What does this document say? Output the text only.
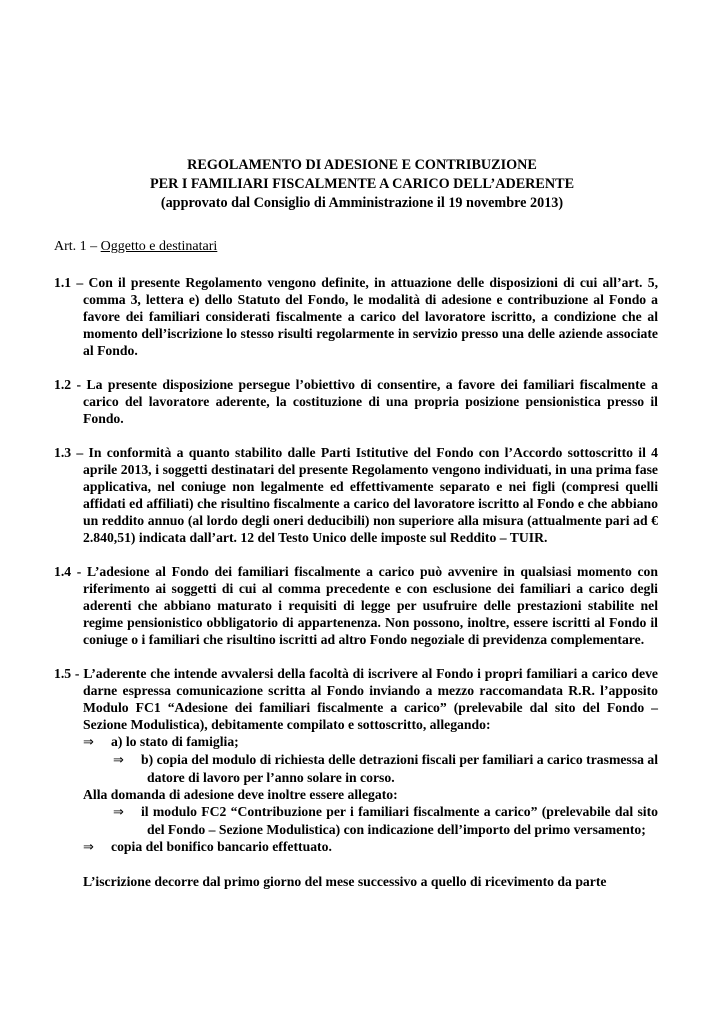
REGOLAMENTO DI ADESIONE E CONTRIBUZIONE
PER I FAMILIARI FISCALMENTE A CARICO DELL’ADERENTE
(approvato dal Consiglio di Amministrazione il 19 novembre 2013)
Art. 1 – Oggetto e destinatari
1.1 – Con il presente Regolamento vengono definite, in attuazione delle disposizioni di cui all’art. 5, comma 3, lettera e) dello Statuto del Fondo, le modalità di adesione e contribuzione al Fondo a favore dei familiari considerati fiscalmente a carico del lavoratore iscritto, a condizione che al momento dell’iscrizione lo stesso risulti regolarmente in servizio presso una delle aziende associate al Fondo.
1.2 - La presente disposizione persegue l’obiettivo di consentire, a favore dei familiari fiscalmente a carico del lavoratore aderente, la costituzione di una propria posizione pensionistica presso il Fondo.
1.3 – In conformità a quanto stabilito dalle Parti Istitutive del Fondo con l’Accordo sottoscritto il 4 aprile 2013, i soggetti destinatari del presente Regolamento vengono individuati, in una prima fase applicativa, nel coniuge non legalmente ed effettivamente separato e nei figli (compresi quelli affidati ed affiliati) che risultino fiscalmente a carico del lavoratore iscritto al Fondo e che abbiano un reddito annuo (al lordo degli oneri deducibili) non superiore alla misura (attualmente pari ad € 2.840,51) indicata dall’art. 12 del Testo Unico delle imposte sul Reddito – TUIR.
1.4 - L’adesione al Fondo dei familiari fiscalmente a carico può avvenire in qualsiasi momento con riferimento ai soggetti di cui al comma precedente e con esclusione dei familiari a carico degli aderenti che abbiano maturato i requisiti di legge per usufruire delle prestazioni stabilite nel regime pensionistico obbligatorio di appartenenza. Non possono, inoltre, essere iscritti al Fondo il coniuge o i familiari che risultino iscritti ad altro Fondo negoziale di previdenza complementare.
1.5 - L’aderente che intende avvalersi della facoltà di iscrivere al Fondo i propri familiari a carico deve darne espressa comunicazione scritta al Fondo inviando a mezzo raccomandata R.R. l’apposito Modulo FC1 “Adesione dei familiari fiscalmente a carico” (prelevabile dal sito del Fondo – Sezione Modulistica), debitamente compilato e sottoscritto, allegando:
⇒ a) lo stato di famiglia;
⇒ b) copia del modulo di richiesta delle detrazioni fiscali per familiari a carico trasmessa al datore di lavoro per l’anno solare in corso.
Alla domanda di adesione deve inoltre essere allegato:
⇒ il modulo FC2 “Contribuzione per i familiari fiscalmente a carico” (prelevabile dal sito del Fondo – Sezione Modulistica) con indicazione dell’importo del primo versamento;
⇒ copia del bonifico bancario effettuato.
L’iscrizione decorre dal primo giorno del mese successivo a quello di ricevimento da parte
